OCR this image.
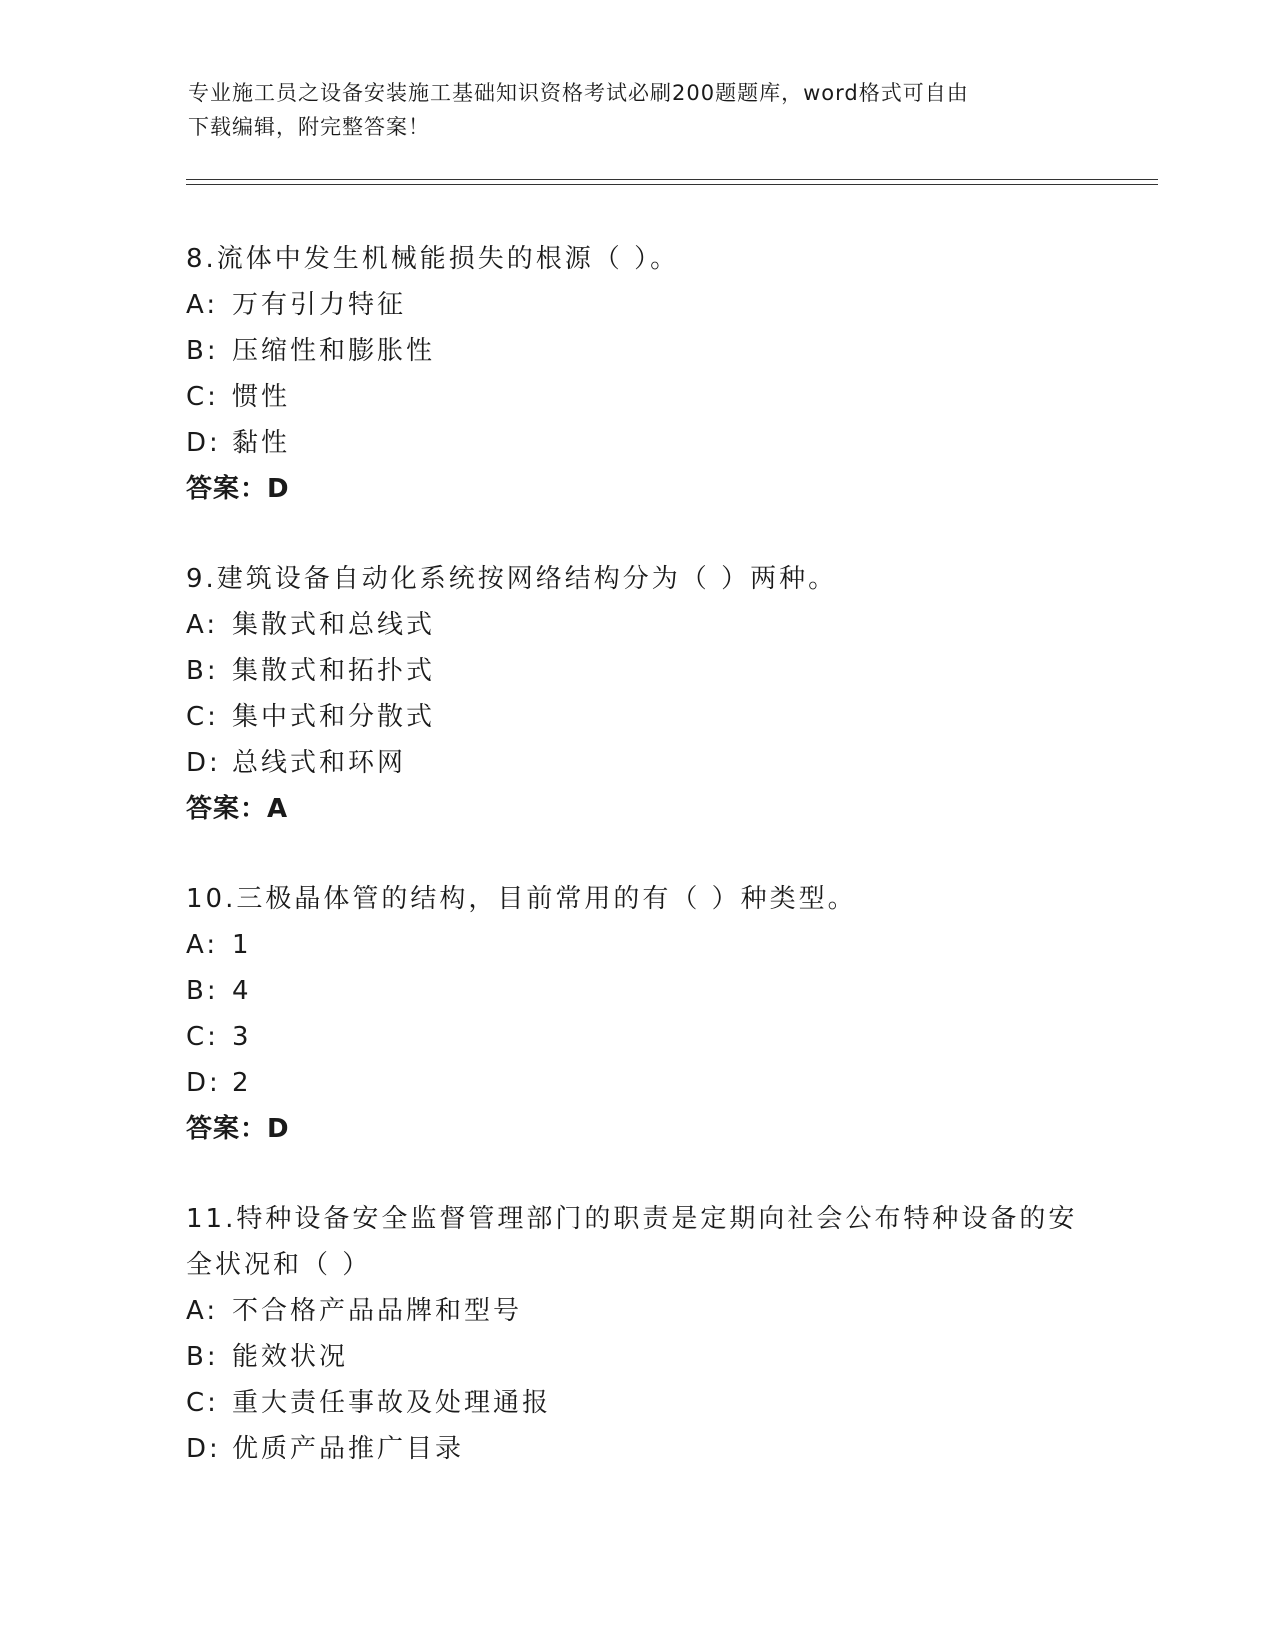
专业施工员之设备安装施工基础知识资格考试必刷200题题库，word格式可自由
下载编辑，附完整答案！
8.流体中发生机械能损失的根源（ ）。
A: 万有引力特征
B: 压缩性和膨胀性
C: 惯性
D: 黏性
答案：D
9.建筑设备自动化系统按网络结构分为（ ）两种。
A: 集散式和总线式
B: 集散式和拓扑式
C: 集中式和分散式
D: 总线式和环网
答案：A
10.三极晶体管的结构，目前常用的有（ ）种类型。
A: 1
B: 4
C: 3
D: 2
答案：D
11.特种设备安全监督管理部门的职责是定期向社会公布特种设备的安
全状况和（ ）
A: 不合格产品品牌和型号
B: 能效状况
C: 重大责任事故及处理通报
D: 优质产品推广目录
